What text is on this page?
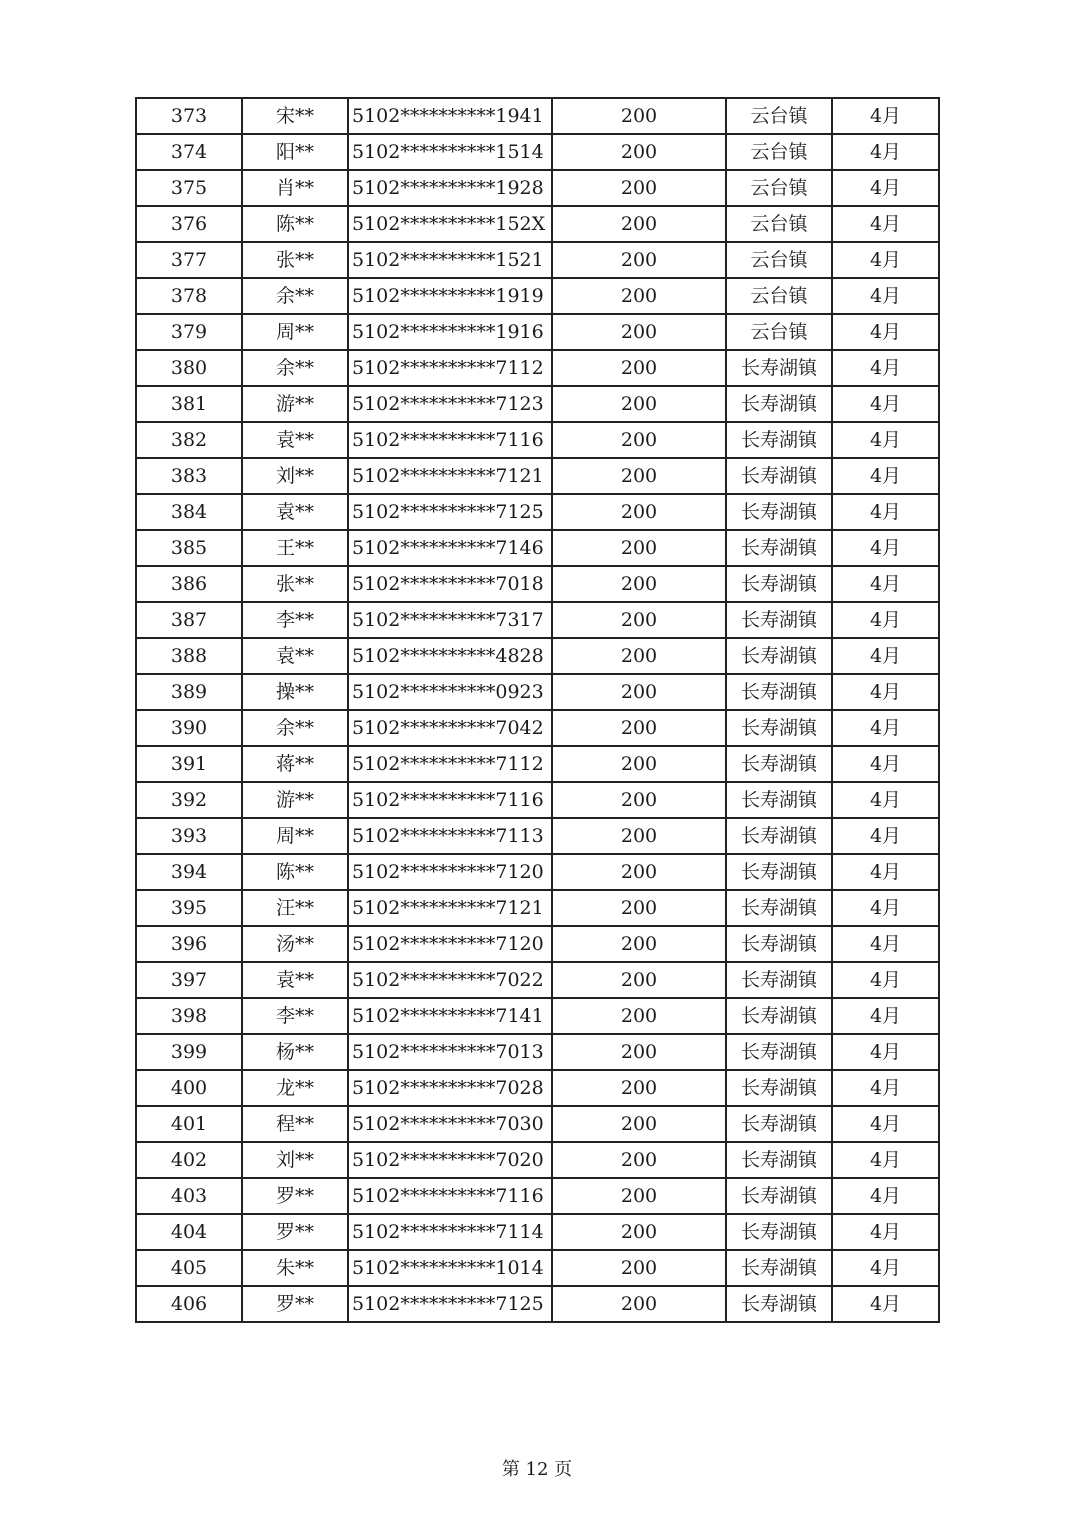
373	宋**	5102**********1941	200	云台镇	4月
374	阳**	5102**********1514	200	云台镇	4月
375	肖**	5102**********1928	200	云台镇	4月
376	陈**	5102**********152X	200	云台镇	4月
377	张**	5102**********1521	200	云台镇	4月
378	余**	5102**********1919	200	云台镇	4月
379	周**	5102**********1916	200	云台镇	4月
380	余**	5102**********7112	200	长寿湖镇	4月
381	游**	5102**********7123	200	长寿湖镇	4月
382	袁**	5102**********7116	200	长寿湖镇	4月
383	刘**	5102**********7121	200	长寿湖镇	4月
384	袁**	5102**********7125	200	长寿湖镇	4月
385	王**	5102**********7146	200	长寿湖镇	4月
386	张**	5102**********7018	200	长寿湖镇	4月
387	李**	5102**********7317	200	长寿湖镇	4月
388	袁**	5102**********4828	200	长寿湖镇	4月
389	操**	5102**********0923	200	长寿湖镇	4月
390	余**	5102**********7042	200	长寿湖镇	4月
391	蒋**	5102**********7112	200	长寿湖镇	4月
392	游**	5102**********7116	200	长寿湖镇	4月
393	周**	5102**********7113	200	长寿湖镇	4月
394	陈**	5102**********7120	200	长寿湖镇	4月
395	汪**	5102**********7121	200	长寿湖镇	4月
396	汤**	5102**********7120	200	长寿湖镇	4月
397	袁**	5102**********7022	200	长寿湖镇	4月
398	李**	5102**********7141	200	长寿湖镇	4月
399	杨**	5102**********7013	200	长寿湖镇	4月
400	龙**	5102**********7028	200	长寿湖镇	4月
401	程**	5102**********7030	200	长寿湖镇	4月
402	刘**	5102**********7020	200	长寿湖镇	4月
403	罗**	5102**********7116	200	长寿湖镇	4月
404	罗**	5102**********7114	200	长寿湖镇	4月
405	朱**	5102**********1014	200	长寿湖镇	4月
406	罗**	5102**********7125	200	长寿湖镇	4月
第 12 页
